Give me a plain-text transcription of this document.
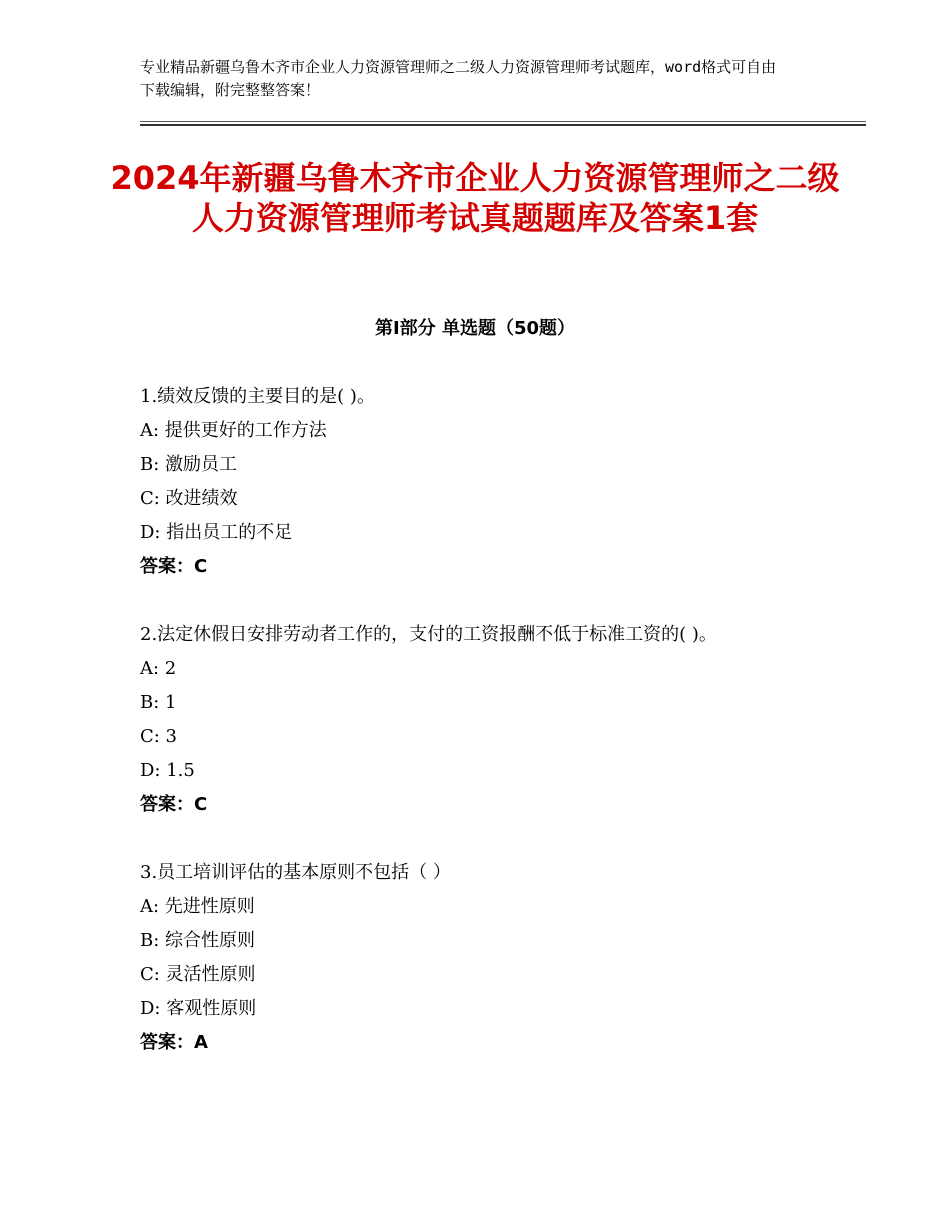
专业精品新疆乌鲁木齐市企业人力资源管理师之二级人力资源管理师考试题库，word格式可自由下载编辑，附完整整答案！
2024年新疆乌鲁木齐市企业人力资源管理师之二级人力资源管理师考试真题题库及答案1套
第Ⅰ部分 单选题（50题）
1.绩效反馈的主要目的是( )。
A: 提供更好的工作方法
B: 激励员工
C: 改进绩效
D: 指出员工的不足
答案：C
2.法定休假日安排劳动者工作的，支付的工资报酬不低于标准工资的( )。
A: 2
B: 1
C: 3
D: 1.5
答案：C
3.员工培训评估的基本原则不包括（ ）
A: 先进性原则
B: 综合性原则
C: 灵活性原则
D: 客观性原则
答案：A
